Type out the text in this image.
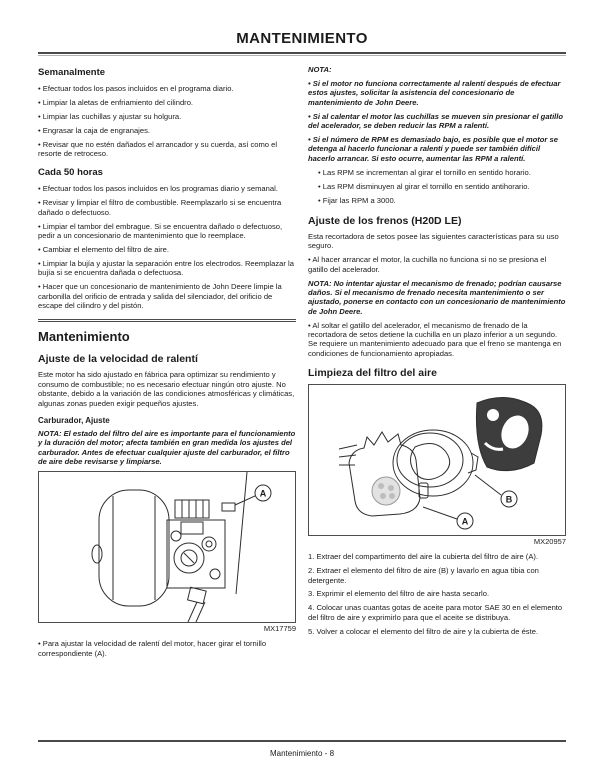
MANTENIMIENTO
Semanalmente

• Efectuar todos los pasos incluidos en el programa diario.

• Limpiar la aletas de enfriamiento del cilindro.

• Limpiar las cuchillas y ajustar su holgura.

• Engrasar la caja de engranajes.

• Revisar que no estén dañados el arrancador y su cuerda, así como el resorte de retroceso.

Cada 50 horas

• Efectuar todos los pasos incluidos en los programas diario y semanal.

• Revisar y limpiar el filtro de combustible. Reemplazarlo si se encuentra dañado o defectuoso.

• Limpiar el tambor del embrague. Si se encuentra dañado o defectuoso, pedir a un concesionario de mantenimiento que lo reemplace.

• Cambiar el elemento del filtro de aire.

• Limpiar la bujía y ajustar la separación entre los electrodos. Reemplazar la bujía si se encuentra dañada o defectuosa.

• Hacer que un concesionario de mantenimiento de John Deere limpie la carbonilla del orificio de entrada y salida del silenciador, del orificio de escape del cilindro y del pistón.

Mantenimiento
Ajuste de la velocidad de ralentí

Este motor ha sido ajustado en fábrica para optimizar su rendimiento y consumo de combustible; no es necesario efectuar ningún otro ajuste. No obstante, debido a la variación de las condiciones atmosféricas y climáticas, algunas zonas pueden exigir pequeños ajustes.

Carburador, Ajuste

NOTA: El estado del filtro del aire es importante para el funcionamiento y la duración del motor; afecta también en gran medida los ajustes del carburador. Antes de efectuar cualquier ajuste del carburador, el filtro de aire debe revisarse y limpiarse.

A
MX17759

• Para ajustar la velocidad de ralentí del motor, hacer girar el tornillo correspondiente (A).

NOTA:

• Si el motor no funciona correctamente al ralentí después de efectuar estos ajustes, solicitar la asistencia del concesionario de mantenimiento de John Deere.

• Si al calentar el motor las cuchillas se mueven sin presionar el gatillo del acelerador, se deben reducir las RPM a ralentí.

• Si el número de RPM es demasiado bajo, es posible que el motor se detenga al hacerlo funcionar a ralentí y puede ser también difícil hacerlo arrancar. Si esto ocurre, aumentar las RPM a ralentí.

• Las RPM se incrementan al girar el tornillo en sentido horario.

• Las RPM disminuyen al girar el tornillo en sentido antihorario.

• Fijar las RPM a 3000.

Ajuste de los frenos (H20D LE)

Esta recortadora de setos posee las siguientes características para su uso seguro.

• Al hacer arrancar el motor, la cuchilla no funciona si no se presiona el gatillo del acelerador.

NOTA: No intentar ajustar el mecanismo de frenado; podrían causarse daños. Si el mecanismo de frenado necesita mantenimiento o ser ajustado, ponerse en contacto con un concesionario de mantenimiento de John Deere.

• Al soltar el gatillo del acelerador, el mecanismo de frenado de la recortadora de setos detiene la cuchilla en un plazo inferior a un segundo. Se requiere un mantenimiento adecuado para que el freno se mantenga en condiciones de funcionamiento apropiadas.

Limpieza del filtro del aire
A
B
MX20957

1. Extraer del compartimento del aire la cubierta del filtro de aire (A).

2. Extraer el elemento del filtro de aire (B) y lavarlo en agua tibia con detergente.

3. Exprimir el elemento del filtro de aire hasta secarlo.

4. Colocar unas cuantas gotas de aceite para motor SAE 30 en el elemento del filtro de aire y exprimirlo para que el aceite se distribuya.

5. Volver a colocar el elemento del filtro de aire y la cubierta de éste.

Mantenimiento - 8
